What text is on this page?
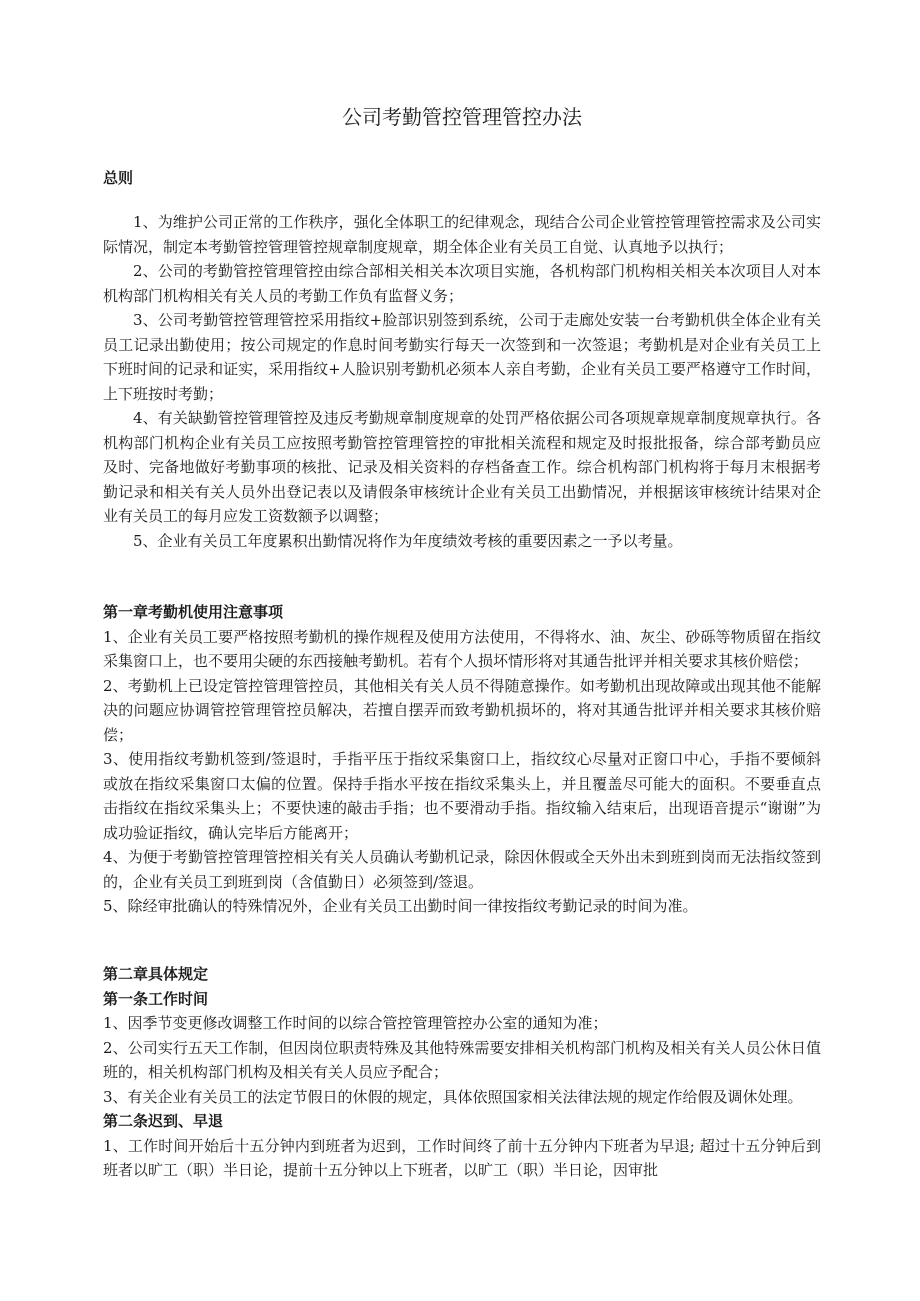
公司考勤管控管理管控办法
总则

1、为维护公司正常的工作秩序，强化全体职工的纪律观念，现结合公司企业管控管理管控需求及公司实际情况，制定本考勤管控管理管控规章制度规章，期全体企业有关员工自觉、认真地予以执行；

2、公司的考勤管控管理管控由综合部相关相关本次项目实施，各机构部门机构相关相关本次项目人对本机构部门机构相关有关人员的考勤工作负有监督义务；

3、公司考勤管控管理管控采用指纹+脸部识别签到系统，公司于走廊处安装一台考勤机供全体企业有关员工记录出勤使用；按公司规定的作息时间考勤实行每天一次签到和一次签退；考勤机是对企业有关员工上下班时间的记录和证实，采用指纹+人脸识别考勤机必须本人亲自考勤，企业有关员工要严格遵守工作时间，上下班按时考勤；

4、有关缺勤管控管理管控及违反考勤规章制度规章的处罚严格依据公司各项规章规章制度规章执行。各机构部门机构企业有关员工应按照考勤管控管理管控的审批相关流程和规定及时报批报备，综合部考勤员应及时、完备地做好考勤事项的核批、记录及相关资料的存档备查工作。综合机构部门机构将于每月末根据考勤记录和相关有关人员外出登记表以及请假条审核统计企业有关员工出勤情况，并根据该审核统计结果对企业有关员工的每月应发工资数额予以调整；

5、企业有关员工年度累积出勤情况将作为年度绩效考核的重要因素之一予以考量。

第一章考勤机使用注意事项

1、企业有关员工要严格按照考勤机的操作规程及使用方法使用，不得将水、油、灰尘、砂砾等物质留在指纹采集窗口上，也不要用尖硬的东西接触考勤机。若有个人损坏情形将对其通告批评并相关要求其核价赔偿；

2、考勤机上已设定管控管理管控员，其他相关有关人员不得随意操作。如考勤机出现故障或出现其他不能解决的问题应协调管控管理管控员解决，若擅自摆弄而致考勤机损坏的，将对其通告批评并相关要求其核价赔偿；

3、使用指纹考勤机签到/签退时，手指平压于指纹采集窗口上，指纹纹心尽量对正窗口中心，手指不要倾斜或放在指纹采集窗口太偏的位置。保持手指水平按在指纹采集头上，并且覆盖尽可能大的面积。不要垂直点击指纹在指纹采集头上；不要快速的敲击手指；也不要滑动手指。指纹输入结束后，出现语音提示“谢谢”为成功验证指纹，确认完毕后方能离开；

4、为便于考勤管控管理管控相关有关人员确认考勤机记录，除因休假或全天外出未到班到岗而无法指纹签到的，企业有关员工到班到岗（含值勤日）必须签到/签退。

5、除经审批确认的特殊情况外，企业有关员工出勤时间一律按指纹考勤记录的时间为准。

第二章具体规定
第一条工作时间

1、因季节变更修改调整工作时间的以综合管控管理管控办公室的通知为准；

2、公司实行五天工作制，但因岗位职责特殊及其他特殊需要安排相关机构部门机构及相关有关人员公休日值班的，相关机构部门机构及相关有关人员应予配合；

3、有关企业有关员工的法定节假日的休假的规定，具体依照国家相关法律法规的规定作给假及调休处理。

第二条迟到、早退

1、工作时间开始后十五分钟内到班者为迟到，工作时间终了前十五分钟内下班者为早退; 超过十五分钟后到班者以旷工（职）半日论，提前十五分钟以上下班者，以旷工（职）半日论，因审批
